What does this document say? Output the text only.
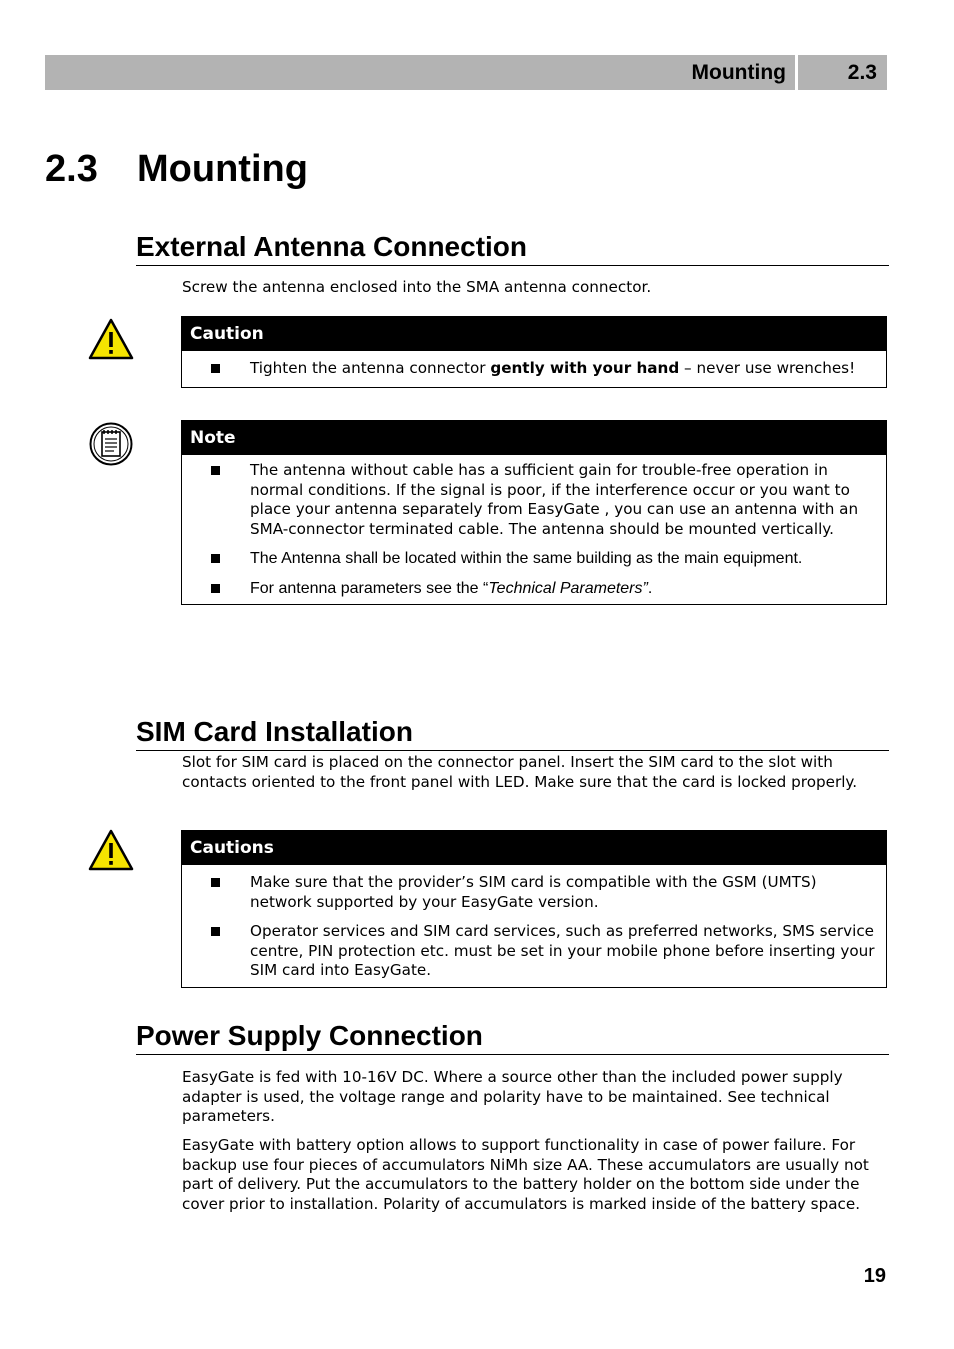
Mounting	2.3
2.3	Mounting
External Antenna Connection

Screw the antenna enclosed into the SMA antenna connector.

Caution
Tighten the antenna connector gently with your hand – never use wrenches!
Note
The antenna without cable has a sufficient gain for trouble-free operation in normal conditions. If the signal is poor, if the interference occur or you want to place your antenna separately from EasyGate , you can use an antenna with an SMA-connector terminated cable. The antenna should be mounted vertically.
The Antenna shall be located within the same building as the main equipment.
For antenna parameters see the “Technical Parameters”.
SIM Card Installation

Slot for SIM card is placed on the connector panel. Insert the SIM card to the slot with contacts oriented to the front panel with LED. Make sure that the card is locked properly.

Cautions
Make sure that the provider’s SIM card is compatible with the GSM (UMTS) network supported by your EasyGate version.
Operator services and SIM card services, such as preferred networks, SMS service centre, PIN protection etc. must be set in your mobile phone before inserting your SIM card into EasyGate.
Power Supply Connection

EasyGate is fed with 10-16V DC. Where a source other than the included power supply adapter is used, the voltage range and polarity have to be maintained. See technical parameters.

EasyGate with battery option allows to support functionality in case of power failure. For backup use four pieces of accumulators NiMh size AA. These accumulators are usually not part of delivery. Put the accumulators to the battery holder on the bottom side under the cover prior to installation. Polarity of accumulators is marked inside of the battery space.

19
